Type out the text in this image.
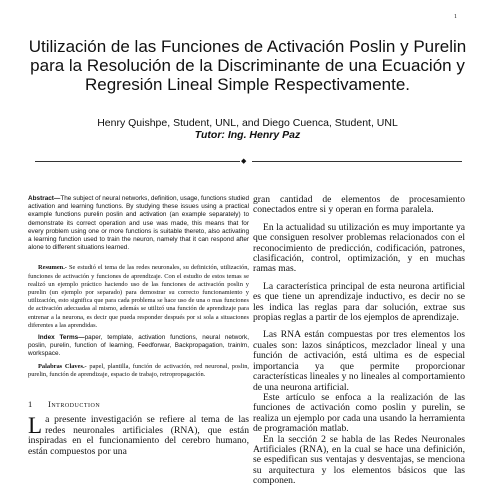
1
Utilización de las Funciones de Activación Poslin y Purelin para la Resolución de la Discriminante de una Ecuación y Regresión Lineal Simple Respectivamente.
Henry Quishpe, Student, UNL, and Diego Cuenca, Student, UNL
Tutor: Ing. Henry Paz
◆

Abstract—The subject of neural networks, definition, usage, functions studied activation and learning functions. By studying these issues using a practical example functions purelin poslin and activation (an example separately) to demonstrate its correct operation and use was made, this means that for every problem using one or more functions is suitable thereto, also activating a learning function used to train the neuron, namely that it can respond after alone to different situations learned.

Resumen.- Se estudió el tema de las redes neuronales, su definición, utilización, funciones de activación y funciones de aprendizaje. Con el estudio de estos temas se realizó un ejemplo práctico haciendo uso de las funciones de activación poslin y purelin (un ejemplo por separado) para demostrar su correcto funcionamiento y utilización, esto significa que para cada problema se hace uso de una o mas funciones de activación adecuadas al mismo, además se utilizó una función de aprendizaje para entrenar a la neurona, es decir que pueda responder después por si sola a situaciones diferentes a las aprendidas.

Index Terms—paper, template, activation functions, neural network, poslin, purelin, function of learning, Feedforwar, Backpropagation, trainlm, workspace.

Palabras Claves.- papel, plantilla, función de activación, red neuronal, poslin, purelin, función de aprendizaje, espacio de trabajo, retropropagación.

1	Introduction

La presente investigación se refiere al tema de las redes neuronales artificiales (RNA), que están inspiradas en el funcionamiento del cerebro humano, están compuestos por una

gran cantidad de elementos de procesamiento conectados entre si y operan en forma paralela.

En la actualidad su utilización es muy importante ya que consiguen resolver problemas relacionados con el reconocimiento de predicción, codificación, patrones, clasificación, control, optimización, y en muchas ramas mas.

La característica principal de esta neurona artificial es que tiene un aprendizaje inductivo, es decir no se les indica las reglas para dar solución, extrae sus propias reglas a partir de los ejemplos de aprendizaje.

Las RNA están compuestas por tres elementos los cuales son: lazos sinápticos, mezclador lineal y una función de activación, está ultima es de especial importancia ya que permite proporcionar características lineales y no lineales al comportamiento de una neurona artificial.

Este artículo se enfoca a la realización de las funciones de activación como poslin y purelin, se realiza un ejemplo por cada una usando la herramienta de programación matlab.

En la sección 2 se habla de las Redes Neuronales Artificiales (RNA), en la cual se hace una definición, se espedifican sus ventajas y desventajas, se menciona su arquitectura y los elementos básicos que las componen.
